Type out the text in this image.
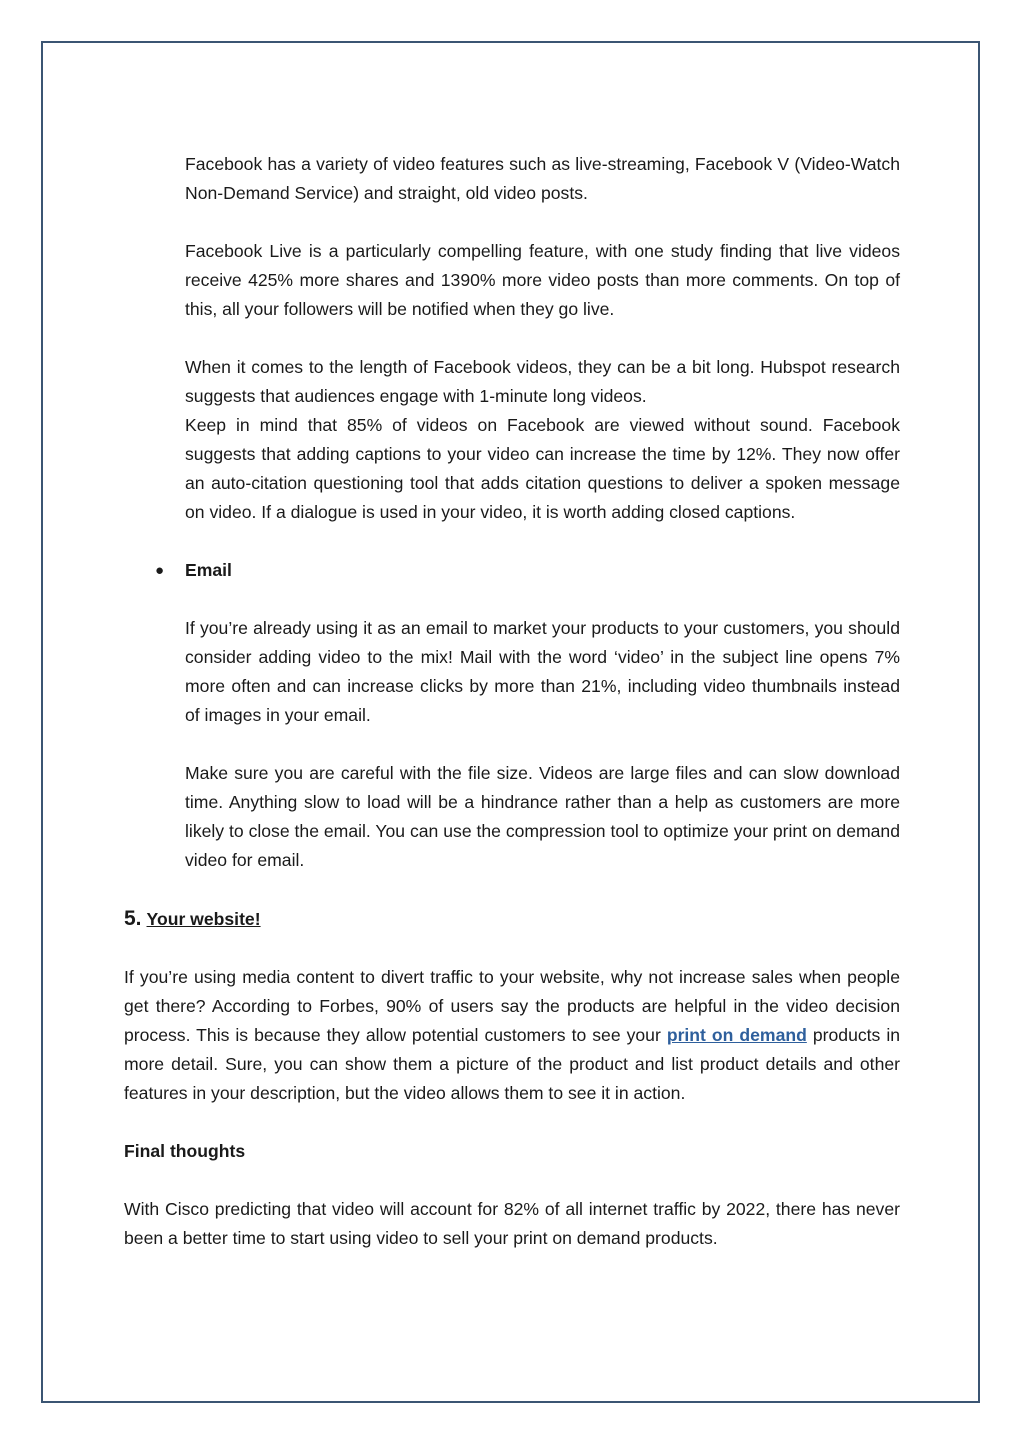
Facebook has a variety of video features such as live-streaming, Facebook V (Video-Watch Non-Demand Service) and straight, old video posts.

Facebook Live is a particularly compelling feature, with one study finding that live videos receive 425% more shares and 1390% more video posts than more comments. On top of this, all your followers will be notified when they go live.

When it comes to the length of Facebook videos, they can be a bit long. Hubspot research suggests that audiences engage with 1-minute long videos.

Keep in mind that 85% of videos on Facebook are viewed without sound. Facebook suggests that adding captions to your video can increase the time by 12%. They now offer an auto-citation questioning tool that adds citation questions to deliver a spoken message on video. If a dialogue is used in your video, it is worth adding closed captions.

● Email

If you’re already using it as an email to market your products to your customers, you should consider adding video to the mix! Mail with the word ‘video’ in the subject line opens 7% more often and can increase clicks by more than 21%, including video thumbnails instead of images in your email.

Make sure you are careful with the file size. Videos are large files and can slow download time. Anything slow to load will be a hindrance rather than a help as customers are more likely to close the email. You can use the compression tool to optimize your print on demand video for email.

5. Your website!

If you’re using media content to divert traffic to your website, why not increase sales when people get there? According to Forbes, 90% of users say the products are helpful in the video decision process. This is because they allow potential customers to see your print on demand products in more detail. Sure, you can show them a picture of the product and list product details and other features in your description, but the video allows them to see it in action.

Final thoughts

With Cisco predicting that video will account for 82% of all internet traffic by 2022, there has never been a better time to start using video to sell your print on demand products.
